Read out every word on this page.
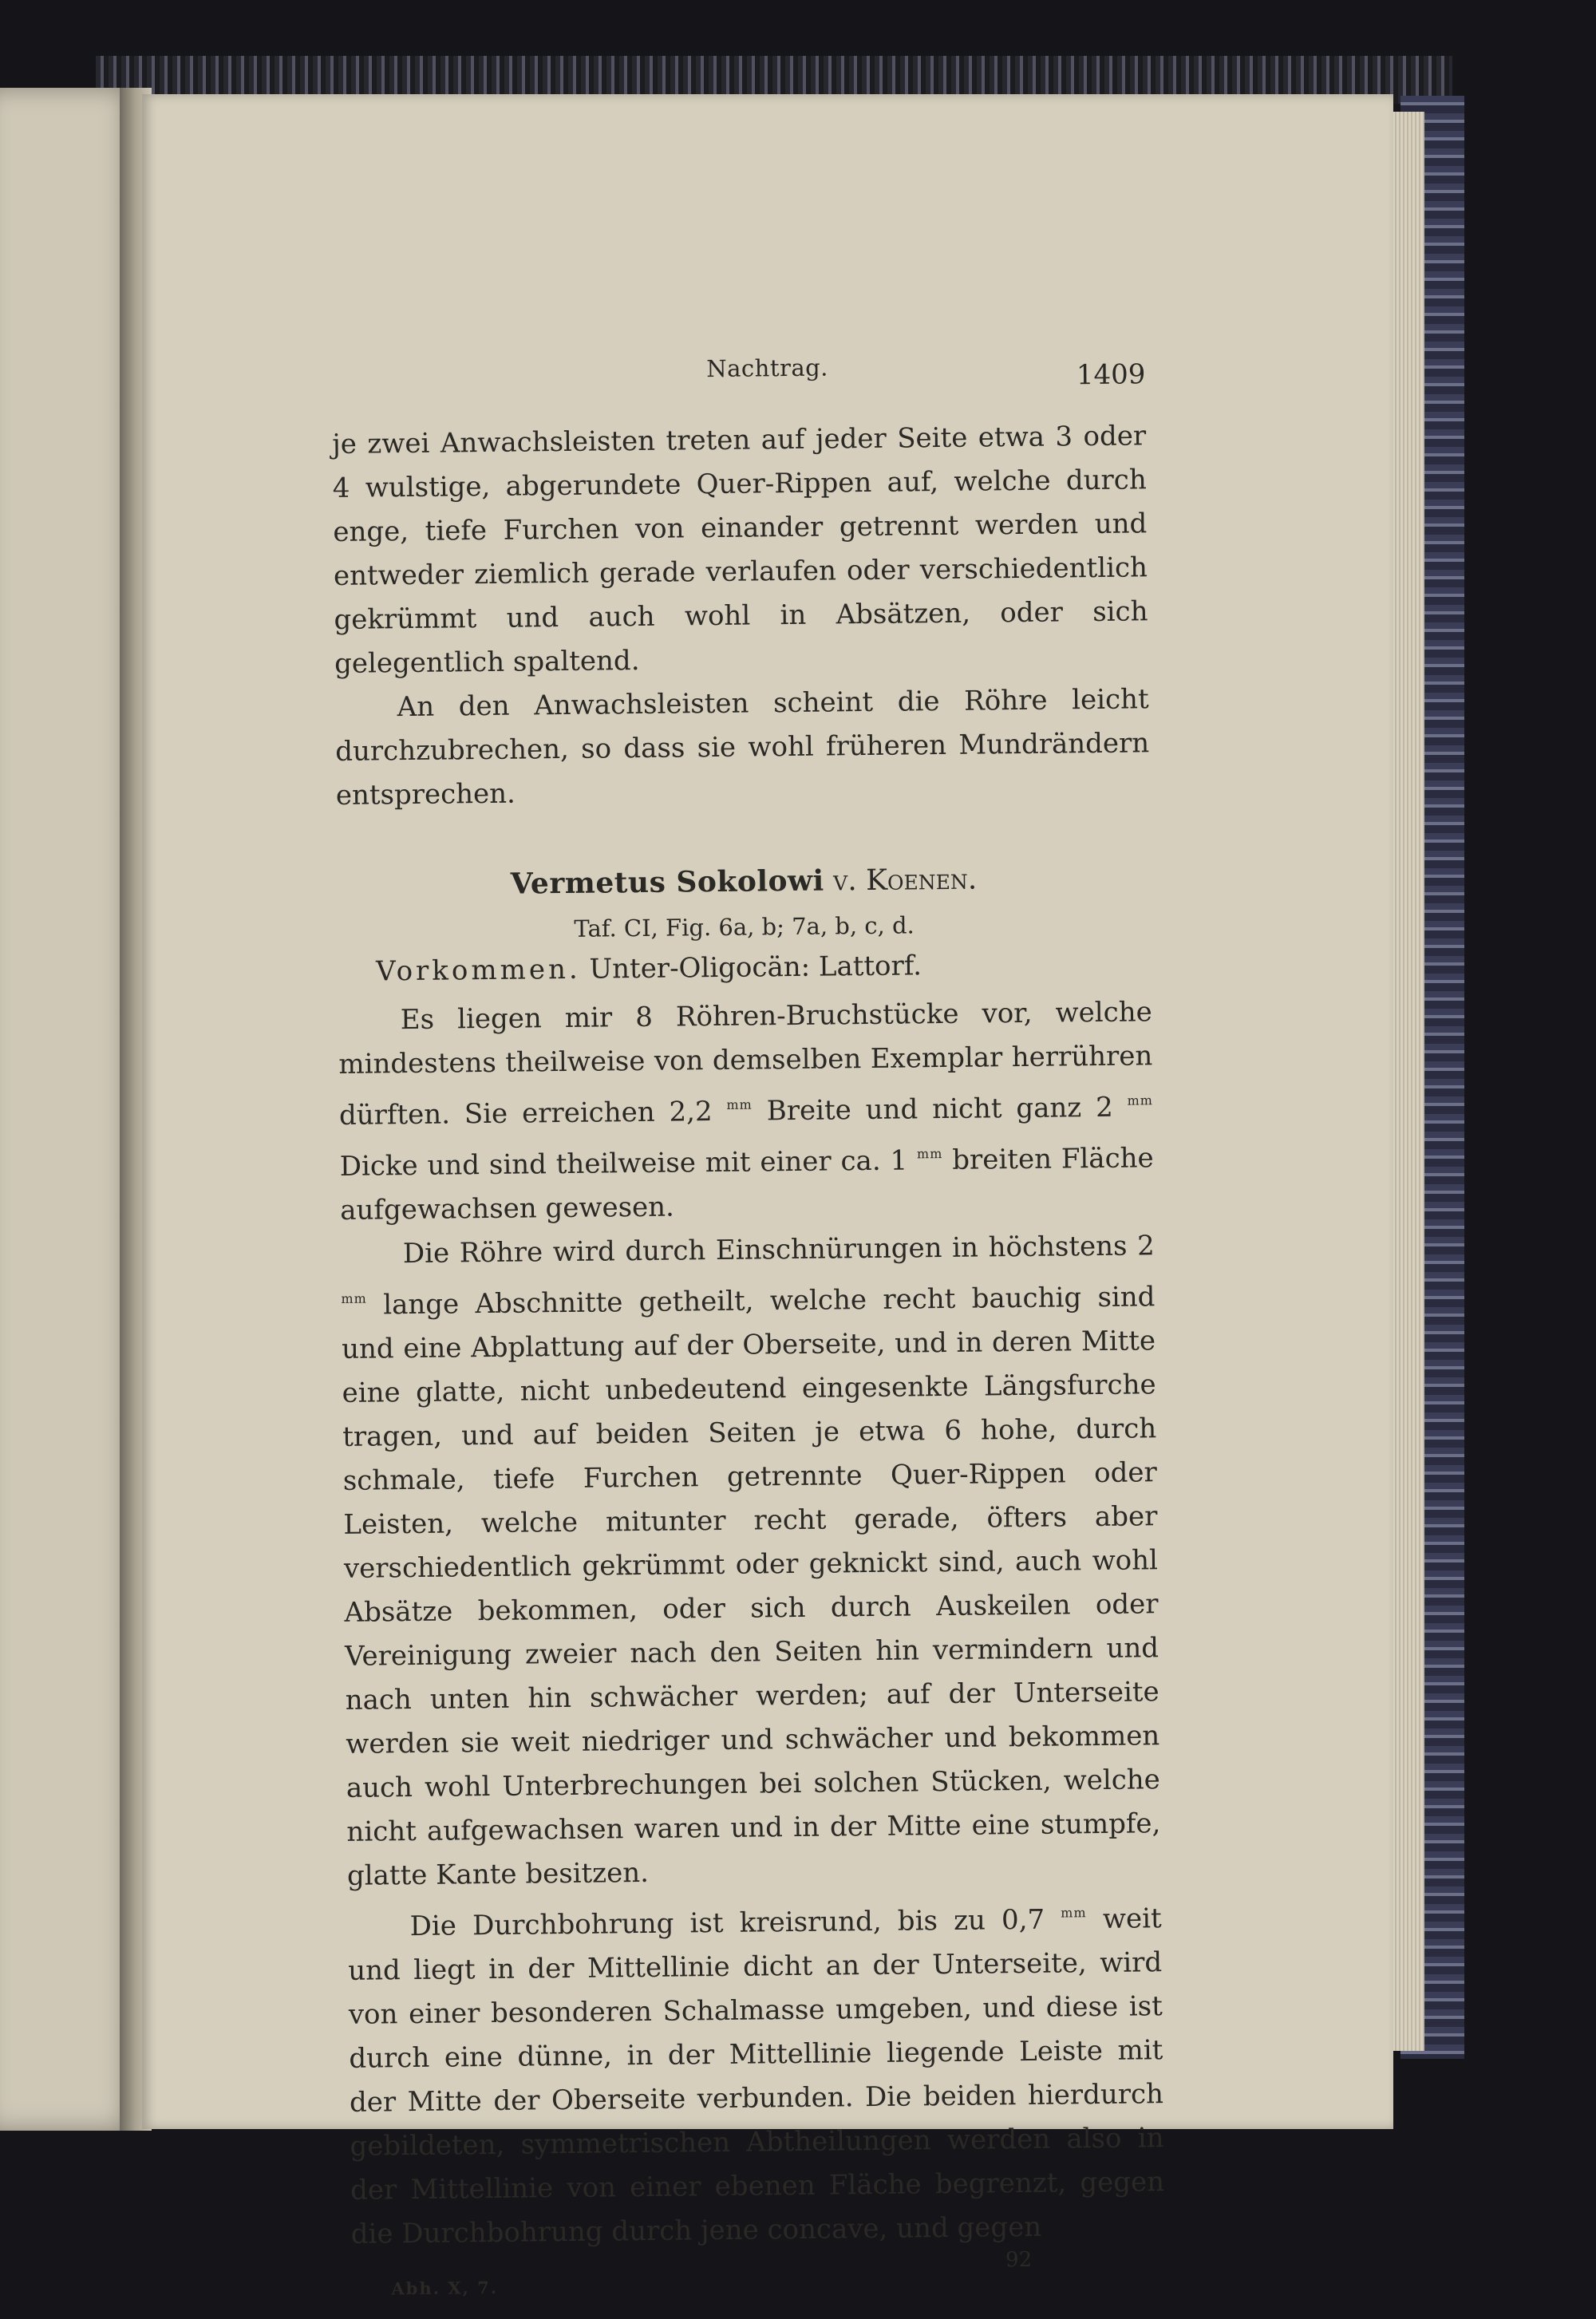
Nachtrag.	1409

je zwei Anwachsleisten treten auf jeder Seite etwa 3 oder 4 wulstige, abgerundete Quer-Rippen auf, welche durch enge, tiefe Furchen von einander getrennt werden und entweder ziemlich gerade verlaufen oder verschiedentlich gekrümmt und auch wohl in Absätzen, oder sich gelegentlich spaltend.

An den Anwachsleisten scheint die Röhre leicht durchzubrechen, so dass sie wohl früheren Mundrändern entsprechen.

Vermetus Sokolowi v. Koenen.
Taf. CI, Fig. 6a, b; 7a, b, c, d.
Vorkommen. Unter-Oligocän: Lattorf.

Es liegen mir 8 Röhren-Bruchstücke vor, welche mindestens theilweise von demselben Exemplar herrühren dürften. Sie erreichen 2,2 $^{mm}$ Breite und nicht ganz 2 $^{mm}$ Dicke und sind theilweise mit einer ca. 1 $^{mm}$ breiten Fläche aufgewachsen gewesen.

Die Röhre wird durch Einschnürungen in höchstens 2 $^{mm}$ lange Abschnitte getheilt, welche recht bauchig sind und eine Abplattung auf der Oberseite, und in deren Mitte eine glatte, nicht unbedeutend eingesenkte Längsfurche tragen, und auf beiden Seiten je etwa 6 hohe, durch schmale, tiefe Furchen getrennte Quer-Rippen oder Leisten, welche mitunter recht gerade, öfters aber verschiedentlich gekrümmt oder geknickt sind, auch wohl Absätze bekommen, oder sich durch Auskeilen oder Vereinigung zweier nach den Seiten hin vermindern und nach unten hin schwächer werden; auf der Unterseite werden sie weit niedriger und schwächer und bekommen auch wohl Unterbrechungen bei solchen Stücken, welche nicht aufgewachsen waren und in der Mitte eine stumpfe, glatte Kante besitzen.

Die Durchbohrung ist kreisrund, bis zu 0,7 $^{mm}$ weit und liegt in der Mittellinie dicht an der Unterseite, wird von einer besonderen Schalmasse umgeben, und diese ist durch eine dünne, in der Mittellinie liegende Leiste mit der Mitte der Oberseite verbunden. Die beiden hierdurch gebildeten, symmetrischen Abtheilungen werden also in der Mittellinie von einer ebenen Fläche begrenzt, gegen die Durchbohrung durch jene concave, und gegen

Abh. X, 7.
92
